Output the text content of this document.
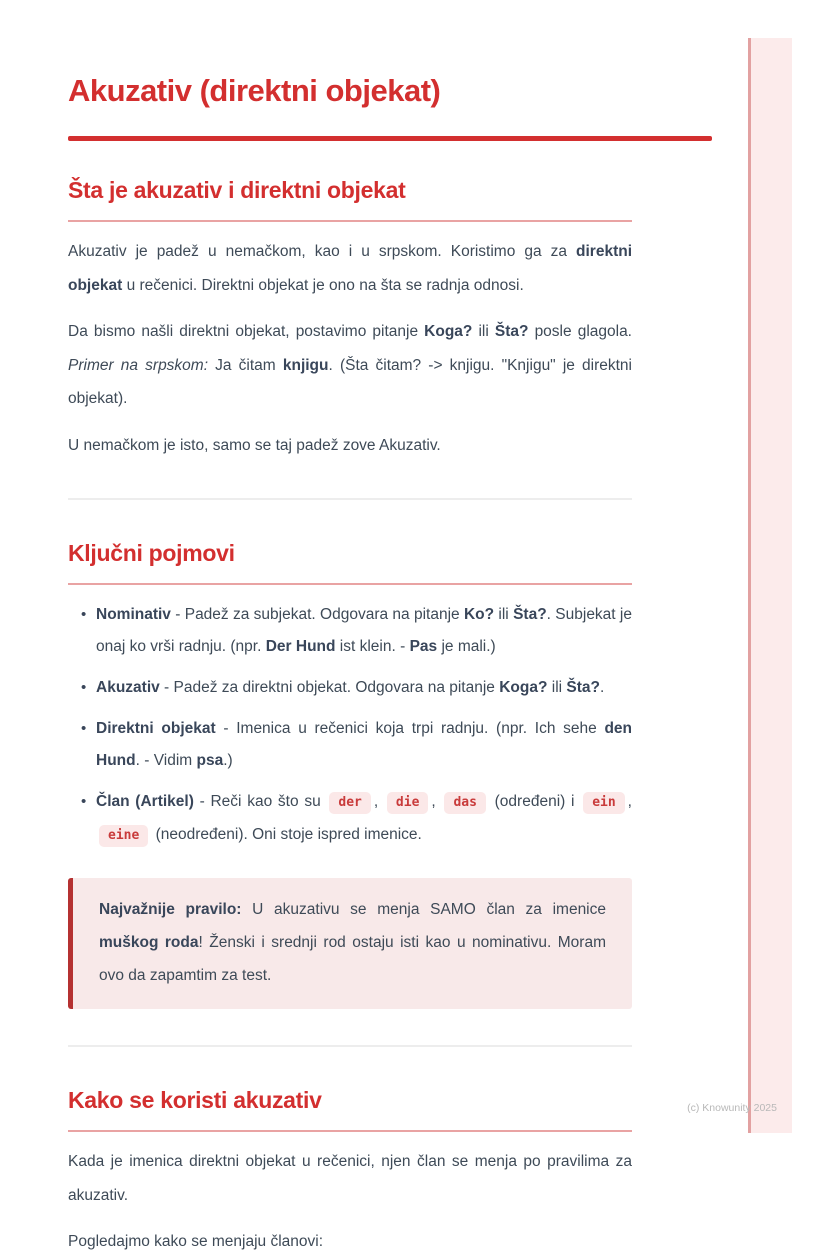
Akuzativ (direktni objekat)
Šta je akuzativ i direktni objekat

Akuzativ je padež u nemačkom, kao i u srpskom. Koristimo ga za direktni objekat u rečenici. Direktni objekat je ono na šta se radnja odnosi.

Da bismo našli direktni objekat, postavimo pitanje Koga? ili Šta? posle glagola. Primer na srpskom: Ja čitam knjigu. (Šta čitam? -> knjigu. "Knjigu" je direktni objekat).

U nemačkom je isto, samo se taj padež zove Akuzativ.

Ključni pojmovi
• Nominativ - Padež za subjekat. Odgovara na pitanje Ko? ili Šta?. Subjekat je onaj ko vrši radnju. (npr. Der Hund ist klein. - Pas je mali.)
• Akuzativ - Padež za direktni objekat. Odgovara na pitanje Koga? ili Šta?.
• Direktni objekat - Imenica u rečenici koja trpi radnju. (npr. Ich sehe den Hund. - Vidim psa.)
• Član (Artikel) - Reči kao što su der , die , das (određeni) i ein , eine (neodređeni). Oni stoje ispred imenice.
Najvažnije pravilo: U akuzativu se menja SAMO član za imenice muškog roda! Ženski i srednji rod ostaju isti kao u nominativu. Moram ovo da zapamtim za test.
Kako se koristi akuzativ

Kada je imenica direktni objekat u rečenici, njen član se menja po pravilima za akuzativ.

Pogledajmo kako se menjaju članovi:

(c) Knowunity 2025
